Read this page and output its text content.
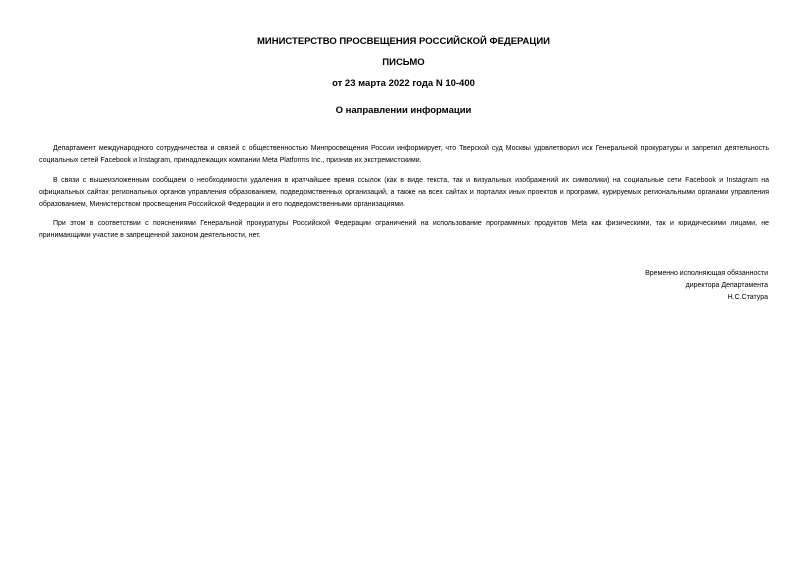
МИНИСТЕРСТВО ПРОСВЕЩЕНИЯ РОССИЙСКОЙ ФЕДЕРАЦИИ
ПИСЬМО
от 23 марта 2022 года N 10-400
О направлении информации

Департамент международного сотрудничества и связей с общественностью Минпросвещения России информирует, что Тверской суд Москвы удовлетворил иск Генеральной прокуратуры и запретил деятельность социальных сетей Facebook и Instagram, принадлежащих компании Meta Platforms Inc., признав их экстремистскими.

В связи с вышеизложенным сообщаем о необходимости удаления в кратчайшее время ссылок (как в виде текста, так и визуальных изображений их символики) на социальные сети Facebook и Instagram на официальных сайтах региональных органов управления образованием, подведомственных организаций, а также на всех сайтах и порталах иных проектов и программ, курируемых региональными органами управления образованием, Министерством просвещения Российской Федерации и его подведомственными организациями.

При этом в соответствии с пояснениями Генеральной прокуратуры Российской Федерации ограничений на использование программных продуктов Meta как физическими, так и юридическими лицами, не принимающими участие в запрещенной законом деятельности, нет.

Временно исполняющая обязанности
директора Департамента
Н.С.Статура
